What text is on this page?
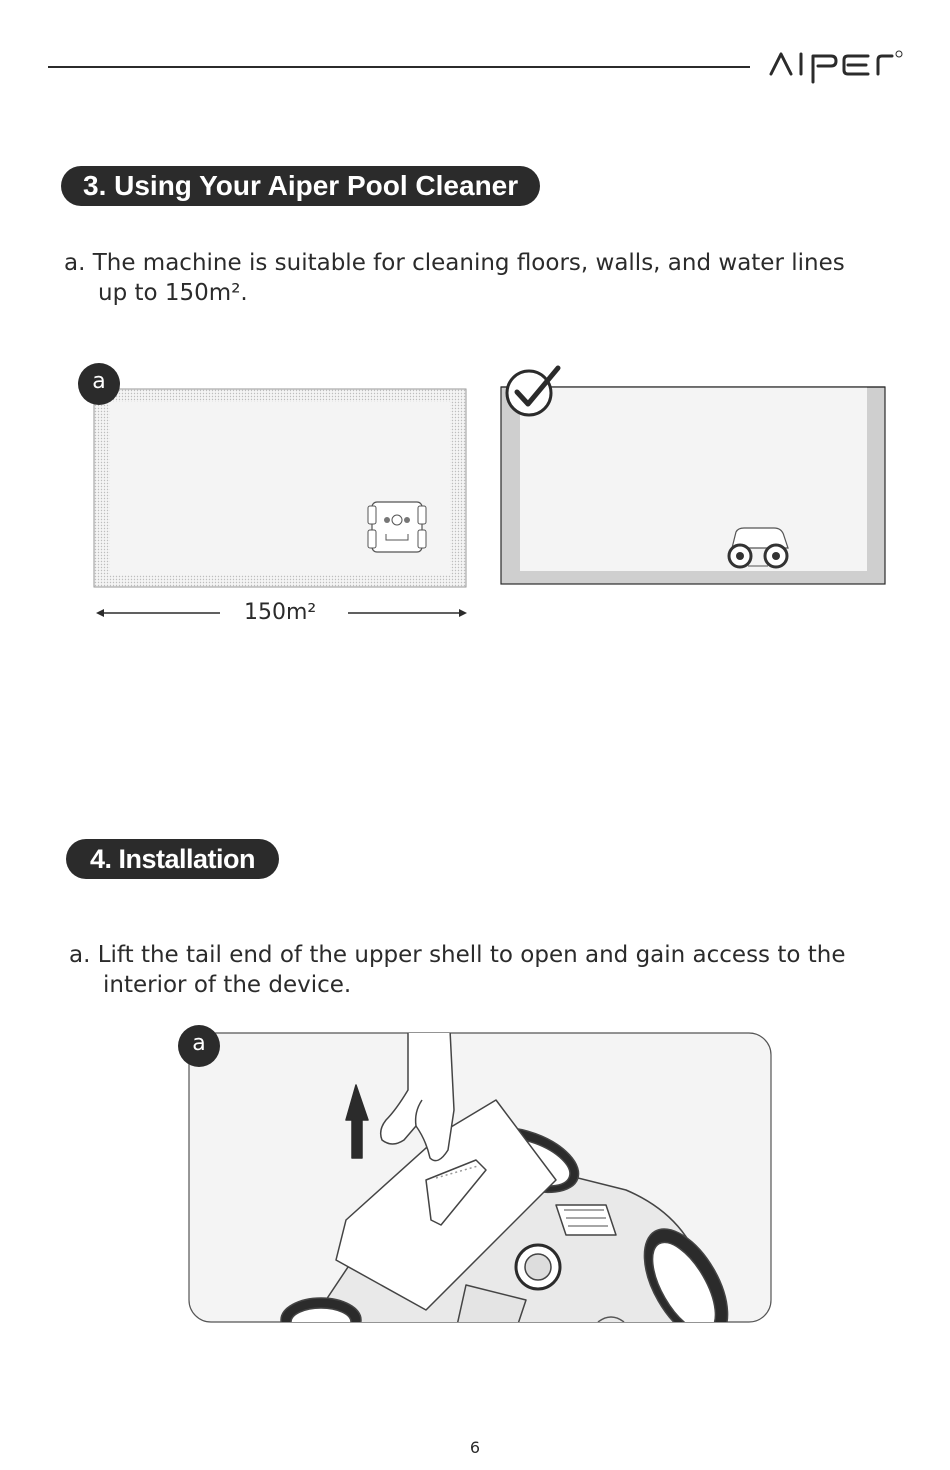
3. Using Your Aiper Pool Cleaner
a. The machine is suitable for cleaning floors, walls, and water lines
up to 150m².
a
150m²
4. Installation
a. Lift the tail end of the upper shell to open and gain access to the
interior of the device.
a
6
